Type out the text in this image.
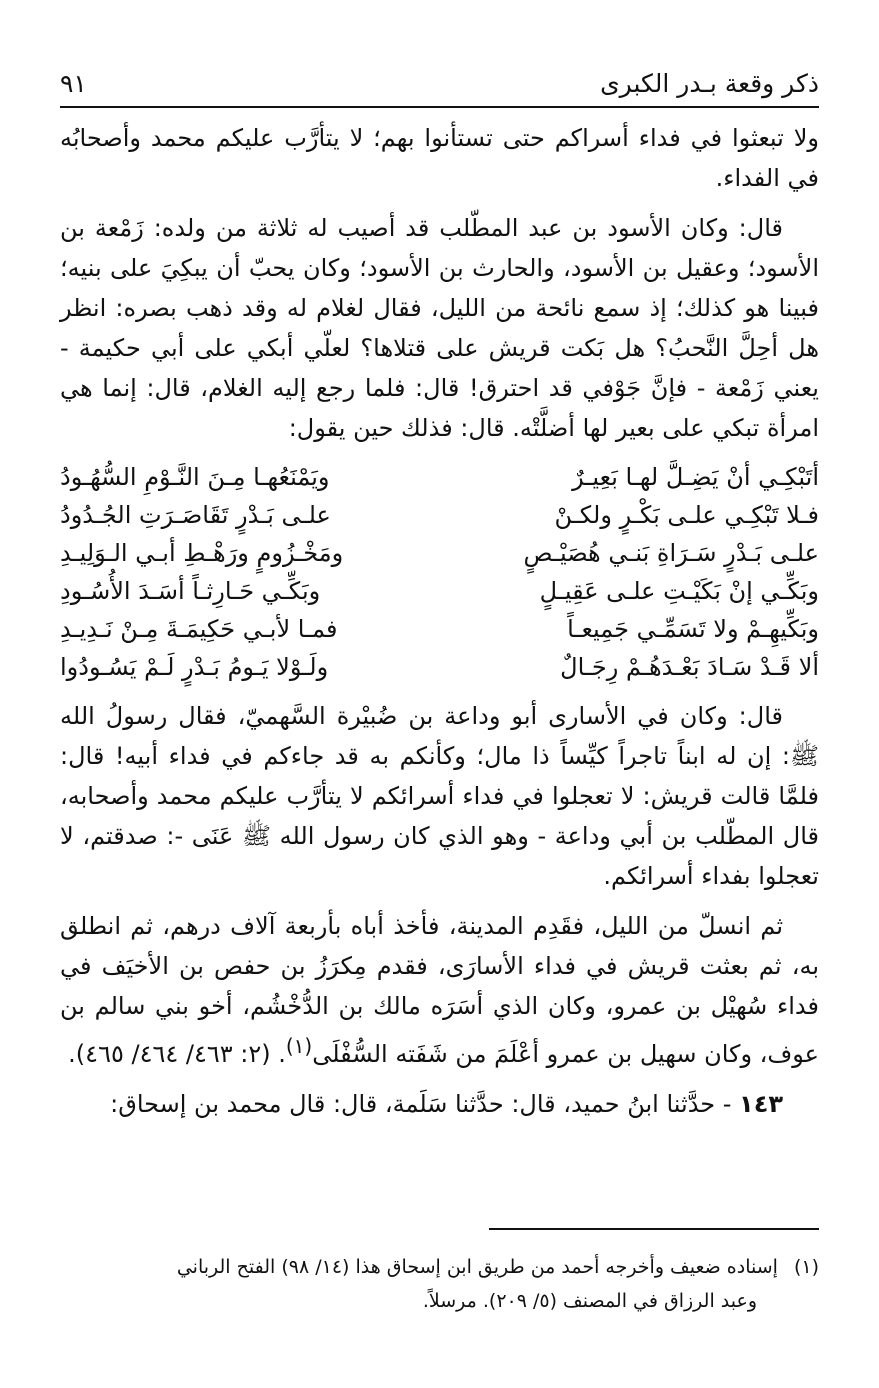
ذكر وقعة بـدر الكبرى
٩١

ولا تبعثوا في فداء أسراكم حتى تستأنوا بهم؛ لا يتأرَّب عليكم محمد وأصحابُه في الفداء.

قال: وكان الأسود بن عبد المطّلب قد أصيب له ثلاثة من ولده: زَمْعة بن الأسود؛ وعقيل بن الأسود، والحارث بن الأسود؛ وكان يحبّ أن يبكِيَ على بنيه؛ فبينا هو كذلك؛ إذ سمع نائحة من الليل، فقال لغلام له وقد ذهب بصره: انظر هل أحِلَّ النَّحبُ؟ هل بَكت قريش على قتلاها؟ لعلّي أبكي على أبي حكيمة - يعني زَمْعة - فإنَّ جَوْفي قد احترق! قال: فلما رجع إليه الغلام، قال: إنما هي امرأة تبكي على بعير لها أضلَّتْه. قال: فذلك حين يقول:

أتَبْكِـي أنْ يَضِـلَّ لهـا بَعِيـرٌ	ويَمْنَعُهـا مِـنَ النَّـوْمِ السُّهُـودُ
فـلا تَبْكِـي علـى بَكْـرٍ ولكـنْ	علـى بَـدْرٍ تَقَاصَـرَتِ الجُـدُودُ
علـى بَـدْرٍ سَـرَاةِ بَنـي هُصَيْـصٍ	ومَخْـزُومٍ ورَهْـطِ أبـي الـوَلِيـدِ
وبَكِّـي إنْ بَكَيْـتِ علـى عَقِيـلٍ	وبَكِّـي حَـارِثـاً أسَـدَ الأُسُـودِ
وبَكِّيهِـمْ ولا تَسَمِّـي جَمِيعـاً	فمـا لأبـي حَكِيمَـةَ مِـنْ نَـدِيـدِ
ألا قَـدْ سَـادَ بَعْـدَهُـمْ رِجَـالٌ	ولَـوْلا يَـومُ بَـدْرٍ لَـمْ يَسُـودُوا

قال: وكان في الأسارى أبو وداعة بن ضُبيْرة السَّهميّ، فقال رسولُ الله ﷺ: إن له ابناً تاجراً كيِّساً ذا مال؛ وكأنكم به قد جاءكم في فداء أبيه! قال: فلمَّا قالت قريش: لا تعجلوا في فداء أسرائكم لا يتأرَّب عليكم محمد وأصحابه، قال المطّلب بن أبي وداعة - وهو الذي كان رسول الله ﷺ عَنَى -: صدقتم، لا تعجلوا بفداء أسرائكم.

ثم انسلّ من الليل، فقَدِم المدينة، فأخذ أباه بأربعة آلاف درهم، ثم انطلق به، ثم بعثت قريش في فداء الأسارَى، فقدم مِكرَزُ بن حفص بن الأخيَف في فداء سُهيْل بن عمرو، وكان الذي أسَرَه مالك بن الدُّخْشُم، أخو بني سالم بن عوف، وكان سهيل بن عمرو أعْلَمَ من شَفَته السُّفْلَى$^{(١)}$. (٢: ٤٦٣/ ٤٦٤/ ٤٦٥).

١٤٣ - حدَّثنا ابنُ حميد، قال: حدَّثنا سَلَمة، قال: قال محمد بن إسحاق:

(١)إسناده ضعيف وأخرجه أحمد من طريق ابن إسحاق هذا (١٤/ ٩٨) الفتح الرباني

وعبد الرزاق في المصنف (٥/ ٢٠٩). مرسلاً.
